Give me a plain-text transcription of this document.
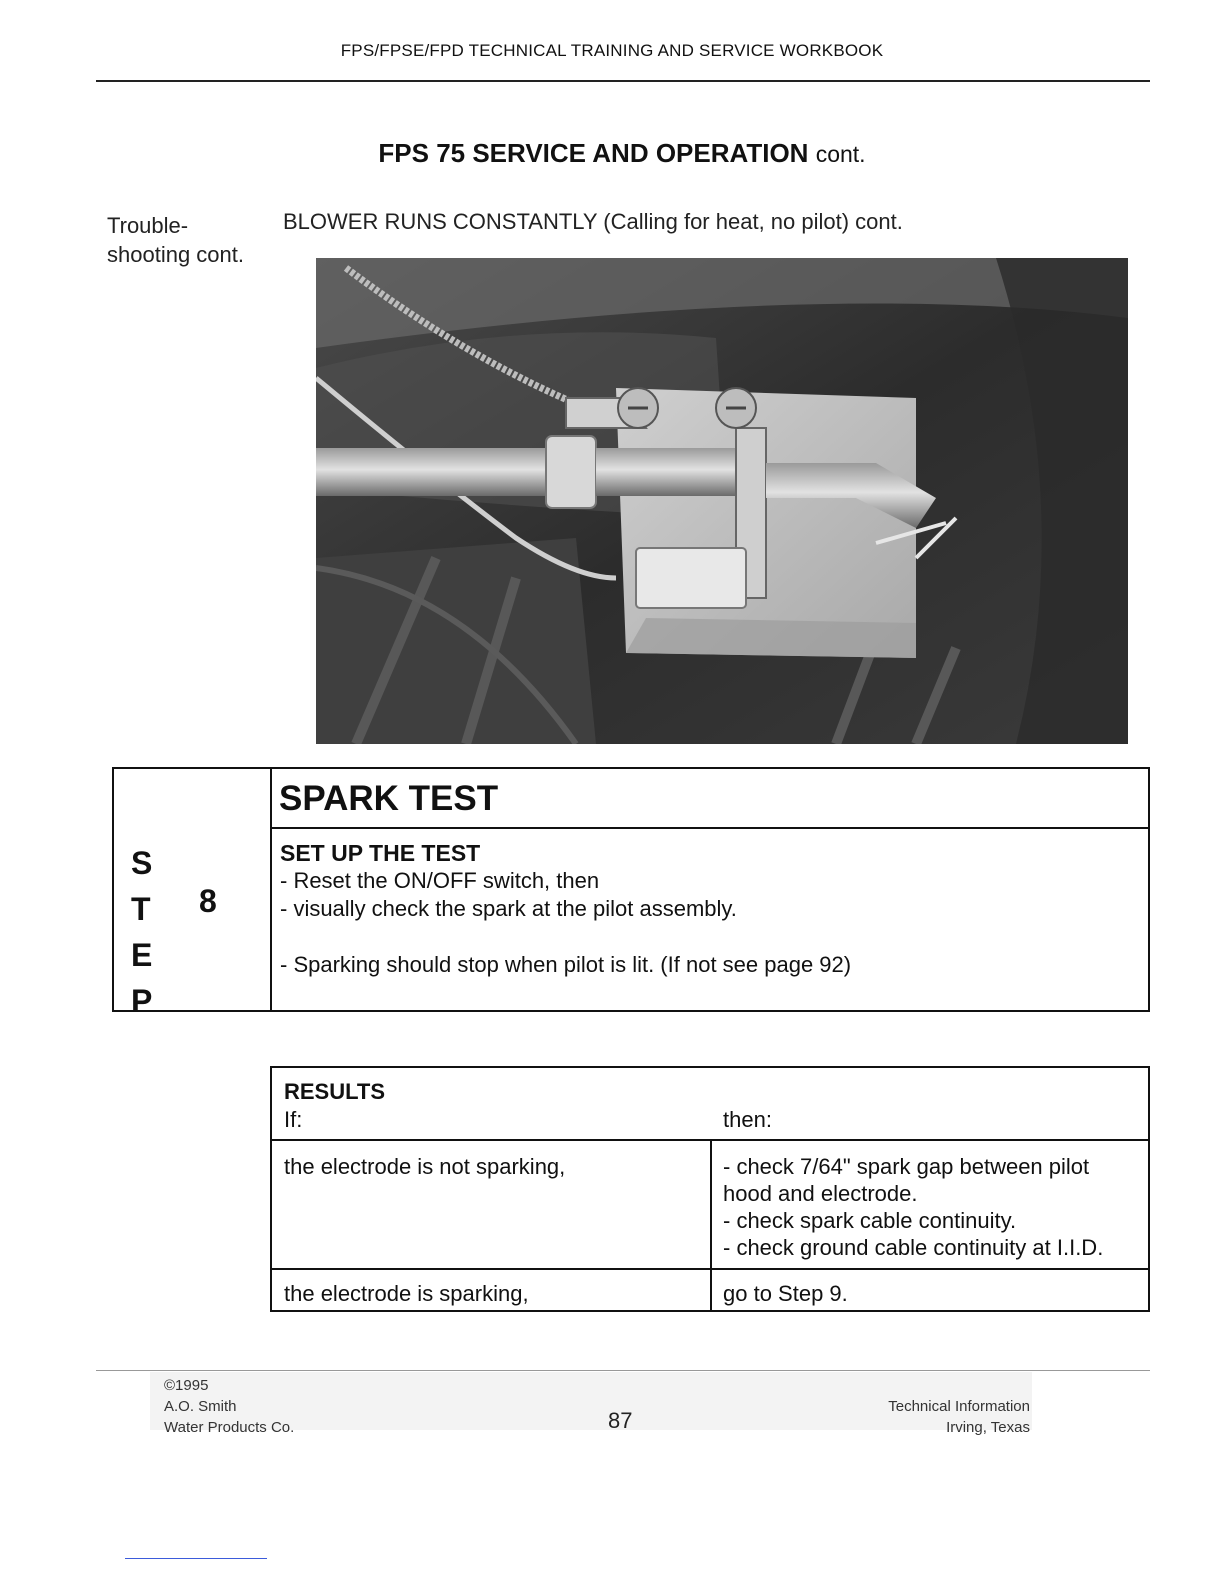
FPS/FPSE/FPD TECHNICAL TRAINING AND SERVICE WORKBOOK
FPS 75 SERVICE AND OPERATION cont.
Trouble-
shooting cont.
BLOWER RUNS CONSTANTLY (Calling for heat, no pilot) cont.
S
T
E
P
8
SPARK TEST
SET UP THE TEST
- Reset the ON/OFF switch, then
- visually check the spark at the pilot assembly.
- Sparking should stop when pilot is lit. (If not see page 92)
RESULTS
If:	then:
the electrode is not sparking,	- check 7/64" spark gap between pilot
hood and electrode.
- check spark cable continuity.
- check ground cable continuity at I.I.D.
the electrode is sparking,	go to Step 9.
©1995
A.O. Smith
Water Products Co.	87
Technical Information
Irving, Texas
